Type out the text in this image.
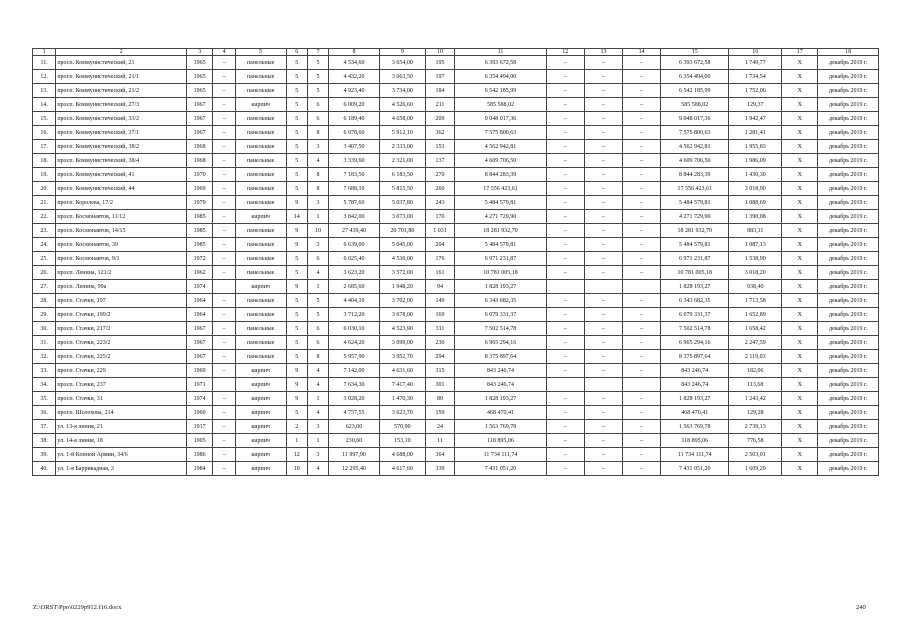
1	2	3	4	5	6	7	8	9	10	11	12	13	14	15	16	17	18
11.	просп. Коммунистический, 21	1965	–	панельные	5	5	4 534,60	3 654,00	195	6 393 672,58	–	–	–	6 393 672,58	1 749,77	Х	декабрь 2019 г.
12.	просп. Коммунистический, 21/1	1965	–	панельные	5	5	4 432,20	3 663,50	197	6 354 494,00	–	–	–	6 354 494,00	1 734,54	Х	декабрь 2019 г.
13.	просп. Коммунистический, 21/2	1965	–	панельные	5	5	4 923,40	3 734,00	184	6 542 185,99	–	–	–	6 542 185,99	1 752,06	Х	декабрь 2019 г.
14.	просп. Коммунистический, 27/3	1967	–	кирпич	5	6	6 009,20	4 526,60	211	585 588,02	–	–	–	585 588,02	129,37	Х	декабрь 2019 г.
15.	просп. Коммунистический, 33/2	1967	–	панельные	5	6	6 189,40	4 658,00	209	9 048 017,36	–	–	–	9 048 017,36	1 942,47	Х	декабрь 2019 г.
16.	просп. Коммунистический, 37/1	1967	–	панельные	5	8	6 078,60	5 912,10	362	7 575 800,63	–	–	–	7 575 800,63	1 281,41	Х	декабрь 2019 г.
17.	просп. Коммунистический, 38/2	1968	–	панельные	5	3	3 407,50	2 333,00	153	4 562 942,81	–	–	–	4 562 942,81	1 955,83	Х	декабрь 2019 г.
18.	просп. Коммунистический, 38/4	1968	–	панельные	5	4	3 339,60	2 321,00	137	4 609 706,50	–	–	–	4 609 706,50	1 986,09	Х	декабрь 2019 г.
19.	просп. Коммунистический, 41	1970	–	панельные	5	8	7 183,50	6 183,50	270	8 844 283,39	–	–	–	8 844 283,39	1 430,30	Х	декабрь 2019 г.
20.	просп. Коммунистический, 44	1969	–	панельные	5	8	7 688,10	5 815,50	260	17 556 423,61	–	–	–	17 556 423,61	3 018,90	Х	декабрь 2019 г.
21.	просп. Королева, 17/2	1979	–	панельные	9	3	5 787,60	5 037,80	243	5 484 579,81	–	–	–	5 484 579,81	1 088,69	Х	декабрь 2019 г.
22.	просп. Космонавтов, 11/12	1985	–	кирпич	14	1	3 842,00	3 073,00	170	4 271 729,90	–	–	–	4 271 729,90	1 390,08	Х	декабрь 2019 г.
23.	просп. Космонавтов, 14/15	1985	–	панельные	9	10	27 439,40	20 701,80	1 031	18 281 932,70	–	–	–	18 281 932,70	883,11	Х	декабрь 2019 г.
24.	просп. Космонавтов, 39	1985	–	панельные	9	3	6 639,00	5 045,00	204	5 484 579,81	–	–	–	5 484 579,81	1 087,13	Х	декабрь 2019 г.
25.	просп. Космонавтов, 9/1	1972	–	панельные	5	6	6 025,40	4 530,00	176	6 971 231,87	–	–	–	6 971 231,87	1 538,90	Х	декабрь 2019 г.
26.	просп. Ленина, 121/2	1962	–	панельные	5	4	3 623,20	3 572,00	161	10 781 005,18	–	–	–	10 781 005,18	3 018,20	Х	декабрь 2019 г.
27.	просп. Ленина, 99а	1974		кирпич	9	1	2 685,60	1 948,20	94	1 828 193,27				1 828 193,27	938,40	Х	декабрь 2019 г.
28.	просп. Стачки, 197	1964	–	панельные	5	5	4 404,10	3 702,00	149	6 343 682,35	–	–	–	6 343 682,35	1 713,58	Х	декабрь 2019 г.
29.	просп. Стачки, 199/2	1964	–	панельные	5	5	3 712,20	3 678,00	169	6 079 331,37	–	–	–	6 079 331,37	1 652,89	Х	декабрь 2019 г.
30.	просп. Стачки, 217/2	1967	–	панельные	5	6	6 030,10	4 523,90	311	7 502 514,78	–	–	–	7 502 514,78	1 658,42	Х	декабрь 2019 г.
31.	просп. Стачки, 223/2	1967	–	панельные	5	6	4 624,20	3 099,00	230	6 965 294,16	–	–	–	6 965 294,16	2 247,59	Х	декабрь 2019 г.
32.	просп. Стачки, 225/2	1967	–	панельные	5	8	5 957,90	3 952,70	294	8 375 897,64	–	–	–	8 375 897,64	2 119,03	Х	декабрь 2019 г.
33.	просп. Стачки, 229	1969	–	кирпич	9	4	7 142,00	4 631,60	315	843 246,74	–	–	–	843 246,74	182,06	Х	декабрь 2019 г.
34.	просп. Стачки, 237	1971		кирпич	9	4	7 634,30	7 417,40	301	843 246,74				843 246,74	113,68	Х	декабрь 2019 г.
35.	просп. Стачки, 31	1974	–	кирпич	9	1	3 028,20	1 470,30	80	1 828 193,27	–	–	–	1 828 193,27	1 243,42	Х	декабрь 2019 г.
36.	просп. Шолохова, 214	1960	–	кирпич	5	4	4 757,55	3 623,70	159	468 470,41	–	–	–	468 470,41	129,28	Х	декабрь 2019 г.
37.	ул. 13-я линия, 21	1917	–	кирпич	2	3	623,00	570,90	24	1 563 769,78	–	–	–	1 563 769,78	2 739,13	Х	декабрь 2019 г.
38.	ул. 14-я линия, 18	1905	–	кирпич	1	1	230,60	153,10	11	118 895,06	–	–	–	118 895,06	776,58	Х	декабрь 2019 г.
39.	ул. 1-й Конной Армии, 34/6	1986	–	кирпич	12	3	11 997,90	4 688,00	364	11 734 111,74	–	–	–	11 734 111,74	2 503,01	Х	декабрь 2019 г.
40.	ул. 1-я Баррикадная, 3	1984	–	кирпич	10	4	12 295,40	4 617,60	339	7 431 051,20	–	–	–	7 431 051,20	1 609,29	Х	декабрь 2019 г.
Z:\ORST\Ppo\0229p912.f16.docx	240
